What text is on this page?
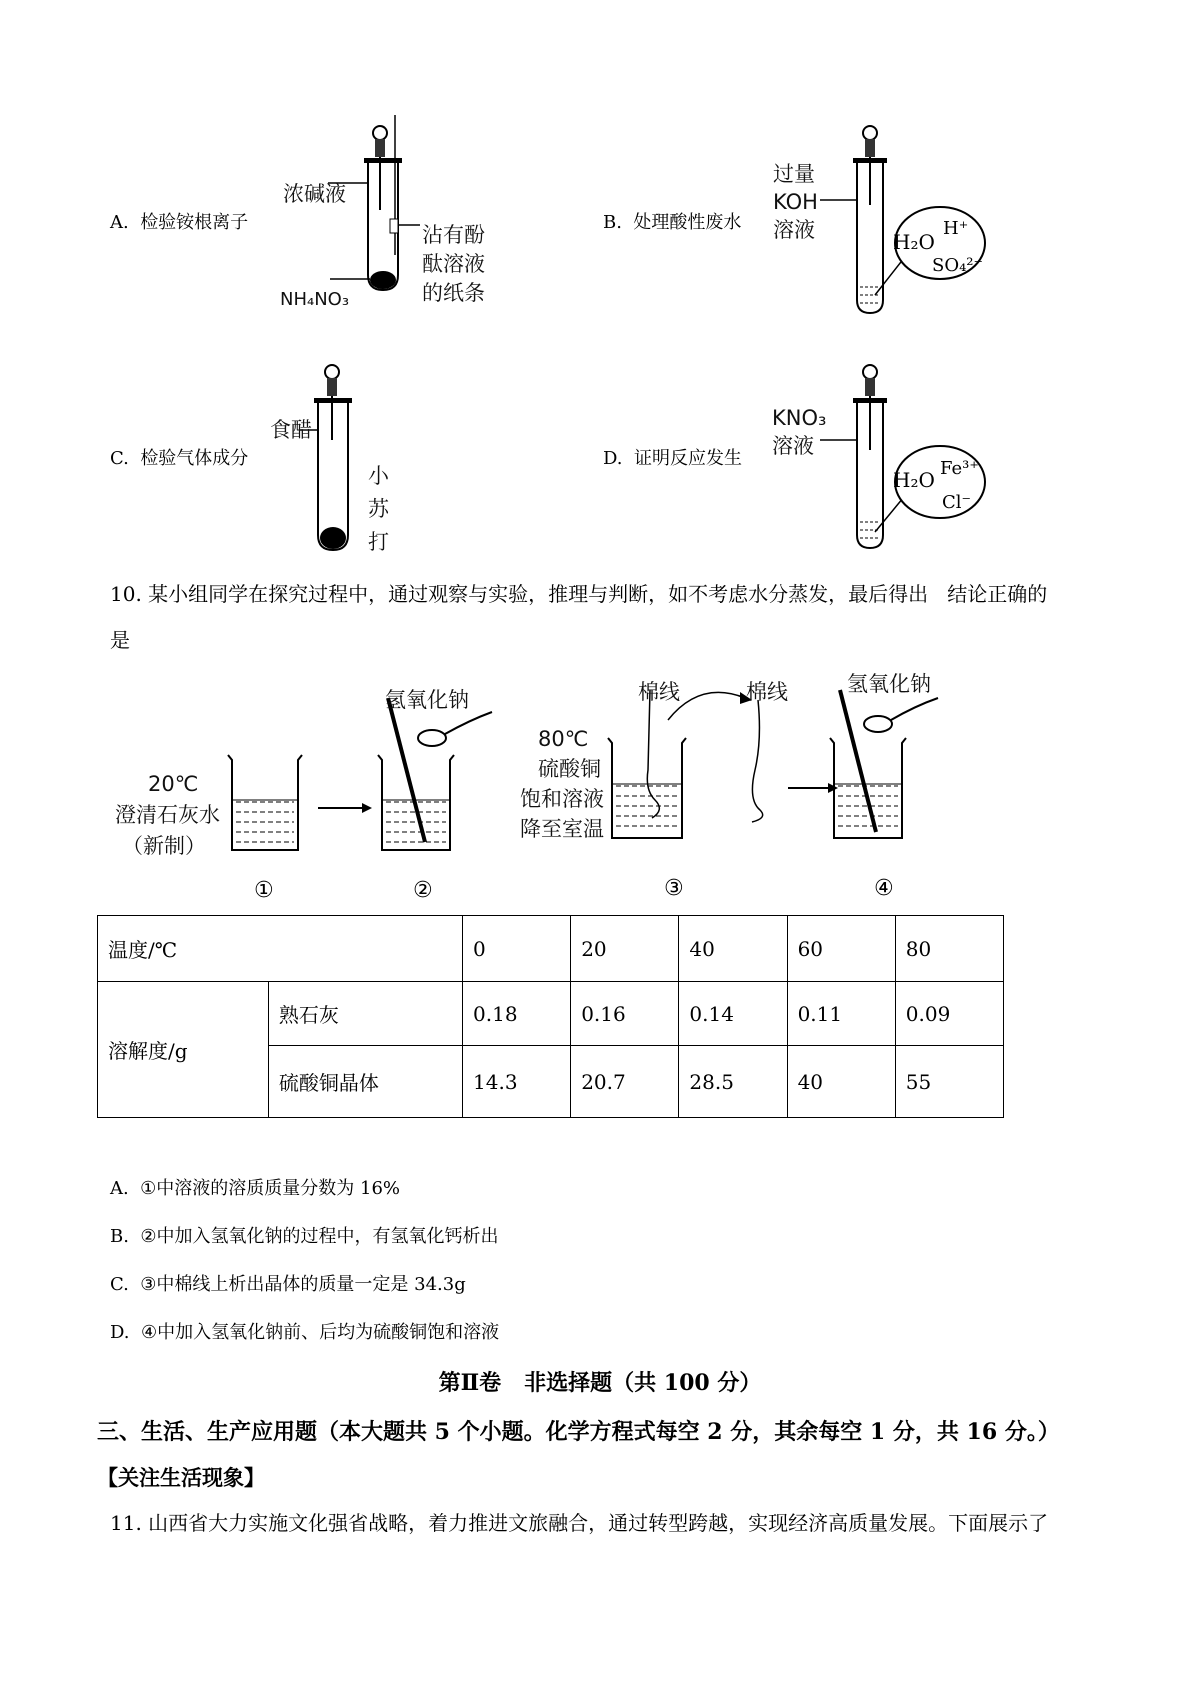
A. 检验铵根离子
浓碱液
沾有酚
酞溶液
的纸条
NH₄NO₃
B. 处理酸性废水
过量
KOH
溶液	H₂O
H⁺
SO₄²⁻
C. 检验气体成分
食醋
小
苏
打
D. 证明反应发生
KNO₃
溶液
H₂O Fe³⁺
Cl⁻
10. 某小组同学在探究过程中，通过观察与实验，推理与判断，如不考虑水分蒸发，最后得出   结论正确的
是
氢氧化钠
氢氧化钠
20℃
澄清石灰水
（新制）
棉线	棉线
80℃
硫酸铜
饱和溶液
降至室温
①	②	③	④
温度/℃		0	20	40	60	80
溶解度/g	熟石灰	0.18	0.16	0.14	0.11	0.09
	硫酸铜晶体	14.3	20.7	28.5	40	55
A.  ①中溶液的溶质质量分数为 16%
B.  ②中加入氢氧化钠的过程中，有氢氧化钙析出
C.  ③中棉线上析出晶体的质量一定是 34.3g
D.  ④中加入氢氧化钠前、后均为硫酸铜饱和溶液
第Ⅱ卷   非选择题（共 100 分）
三、生活、生产应用题（本大题共 5 个小题。化学方程式每空 2 分，其余每空 1 分，共 16 分。）
【关注生活现象】
11. 山西省大力实施文化强省战略，着力推进文旅融合，通过转型跨越，实现经济高质量发展。下面展示了
